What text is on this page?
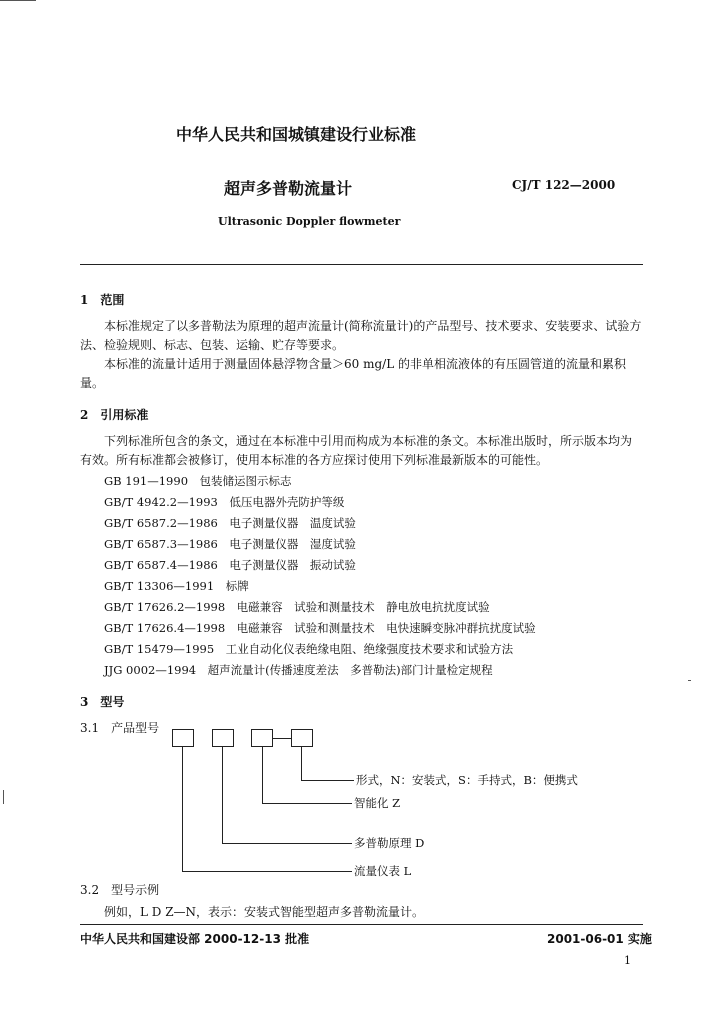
中华人民共和国城镇建设行业标准
超声多普勒流量计	CJ/T 122—2000
Ultrasonic Doppler flowmeter
1　范围
本标准规定了以多普勒法为原理的超声流量计(简称流量计)的产品型号、技术要求、安装要求、试验方法、检验规则、标志、包装、运输、贮存等要求。
本标准的流量计适用于测量固体悬浮物含量＞60 mg/L 的非单相流液体的有压圆管道的流量和累积量。
2　引用标准
下列标准所包含的条文，通过在本标准中引用而构成为本标准的条文。本标准出版时，所示版本均为有效。所有标准都会被修订，使用本标准的各方应探讨使用下列标准最新版本的可能性。
GB 191—1990　包装储运图示标志
GB/T 4942.2—1993　低压电器外壳防护等级
GB/T 6587.2—1986　电子测量仪器　温度试验
GB/T 6587.3—1986　电子测量仪器　湿度试验
GB/T 6587.4—1986　电子测量仪器　振动试验
GB/T 13306—1991　标牌
GB/T 17626.2—1998　电磁兼容　试验和测量技术　静电放电抗扰度试验
GB/T 17626.4—1998　电磁兼容　试验和测量技术　电快速瞬变脉冲群抗扰度试验
GB/T 15479—1995　工业自动化仪表绝缘电阻、绝缘强度技术要求和试验方法
JJG 0002—1994　超声流量计(传播速度差法　多普勒法)部门计量检定规程
3　型号
3.1　产品型号
形式，N：安装式，S：手持式，B：便携式
智能化 Z
多普勒原理 D
流量仪表 L
3.2　型号示例
例如，L D Z—N，表示：安装式智能型超声多普勒流量计。
中华人民共和国建设部 2000-12-13 批准	2001-06-01 实施
1
